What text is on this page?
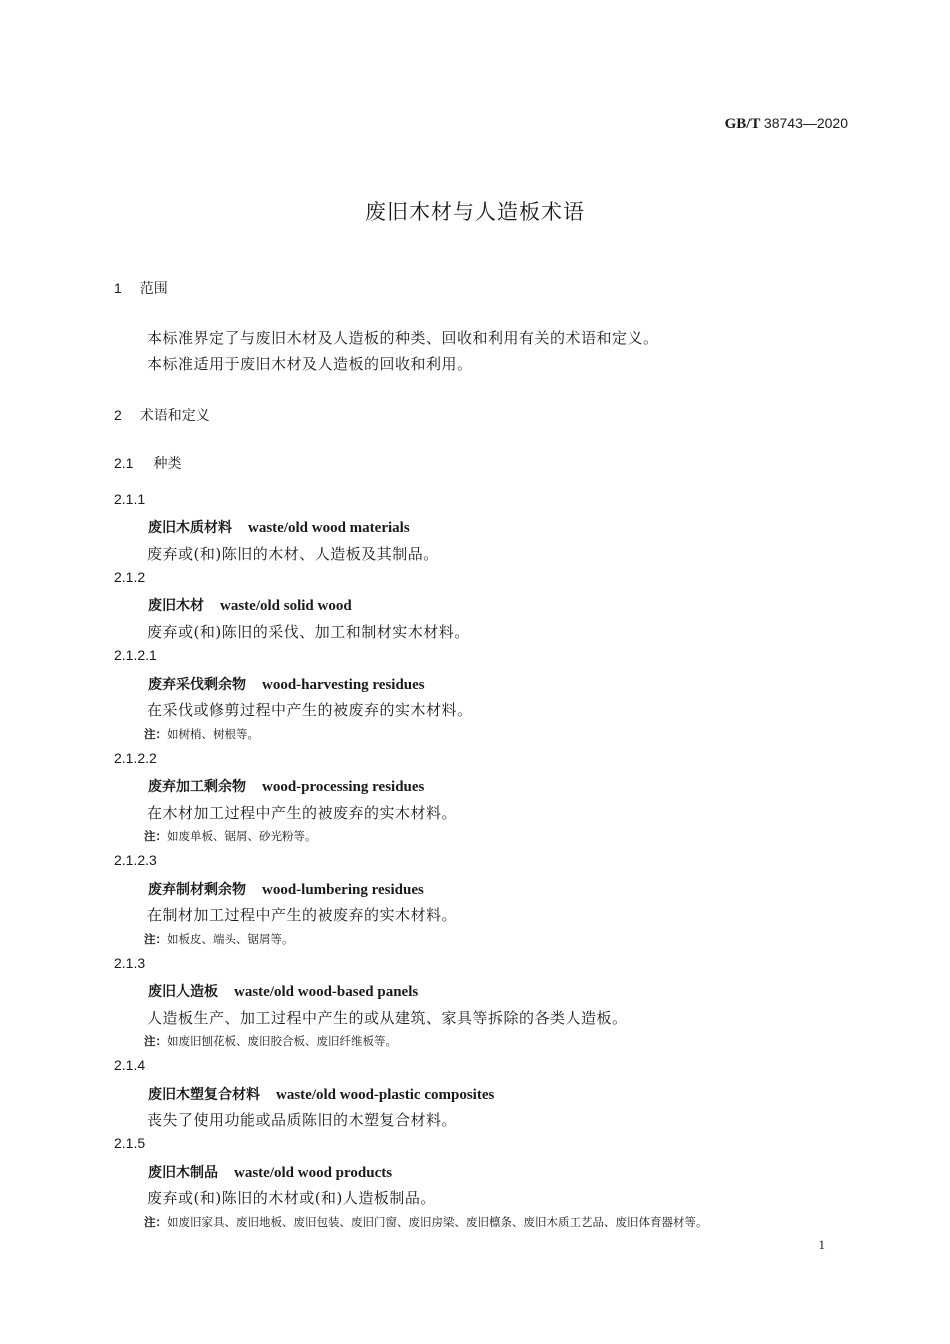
GB/T 38743—2020
废旧木材与人造板术语
1 范围
本标准界定了与废旧木材及人造板的种类、回收和利用有关的术语和定义。
本标准适用于废旧木材及人造板的回收和利用。
2 术语和定义
2.1 种类
2.1.1
废旧木质材料 waste/old wood materials
废弃或(和)陈旧的木材、人造板及其制品。
2.1.2
废旧木材 waste/old solid wood
废弃或(和)陈旧的采伐、加工和制材实木材料。
2.1.2.1
废弃采伐剩余物 wood-harvesting residues
在采伐或修剪过程中产生的被废弃的实木材料。
注：如树梢、树根等。
2.1.2.2
废弃加工剩余物 wood-processing residues
在木材加工过程中产生的被废弃的实木材料。
注：如废单板、锯屑、砂光粉等。
2.1.2.3
废弃制材剩余物 wood-lumbering residues
在制材加工过程中产生的被废弃的实木材料。
注：如板皮、端头、锯屑等。
2.1.3
废旧人造板 waste/old wood-based panels
人造板生产、加工过程中产生的或从建筑、家具等拆除的各类人造板。
注：如废旧刨花板、废旧胶合板、废旧纤维板等。
2.1.4
废旧木塑复合材料 waste/old wood-plastic composites
丧失了使用功能或品质陈旧的木塑复合材料。
2.1.5
废旧木制品 waste/old wood products
废弃或(和)陈旧的木材或(和)人造板制品。
注：如废旧家具、废旧地板、废旧包装、废旧门窗、废旧房梁、废旧檩条、废旧木质工艺品、废旧体育器材等。
1
